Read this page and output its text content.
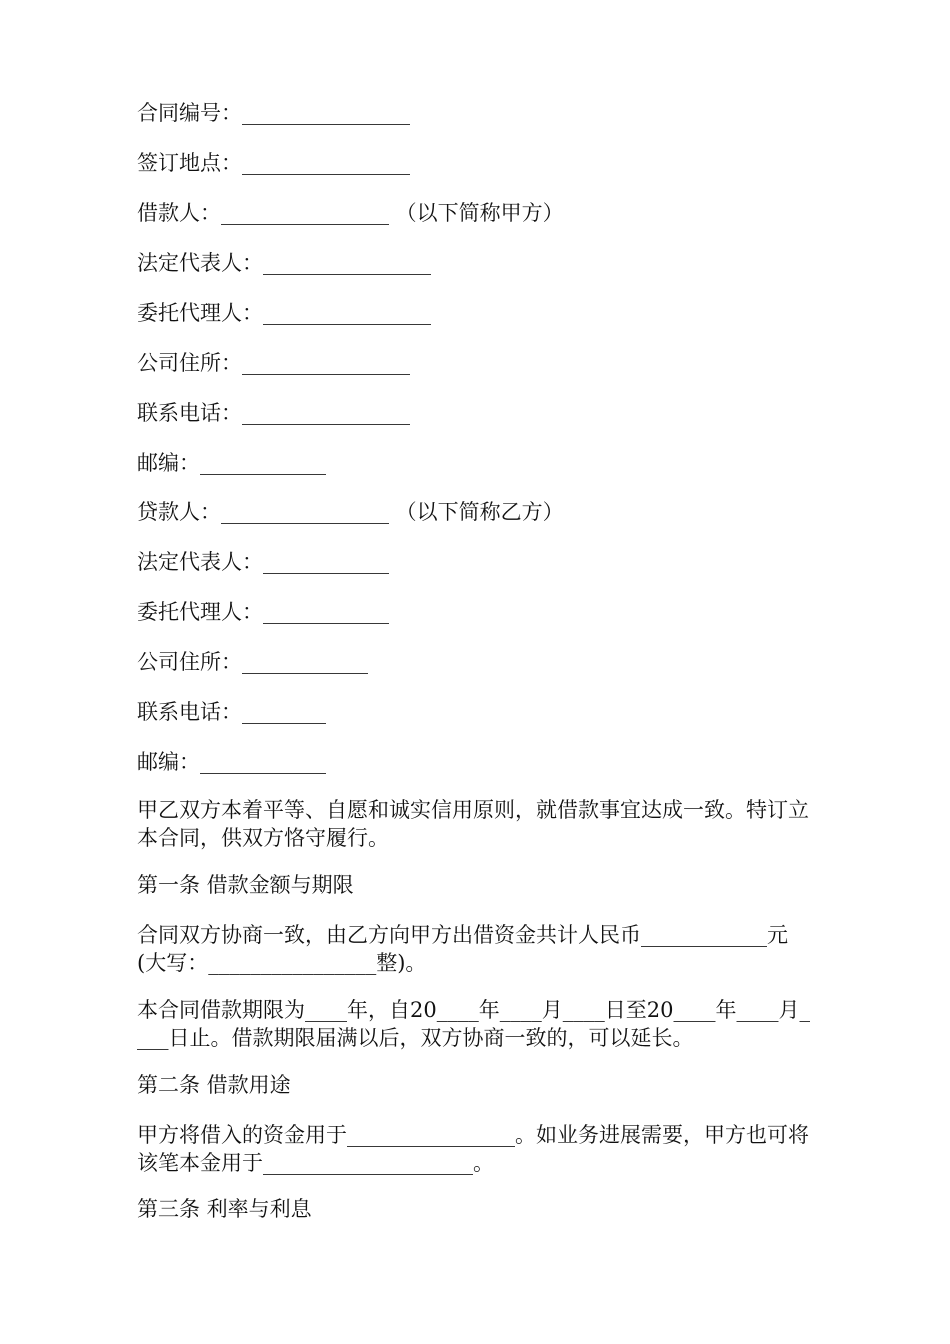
合同编号：________________
签订地点：________________
借款人：________________ （以下简称甲方）
法定代表人：________________
委托代理人：________________
公司住所：________________
联系电话：________________
邮编：____________
贷款人：________________ （以下简称乙方）
法定代表人：____________
委托代理人：____________
公司住所：____________
联系电话：________
邮编：____________
甲乙双方本着平等、自愿和诚实信用原则，就借款事宜达成一致。特订立本合同，供双方恪守履行。
第一条 借款金额与期限
合同双方协商一致，由乙方向甲方出借资金共计人民币____________元(大写：________________整)。
本合同借款期限为____年，自20____年____月____日至20____年____月____日止。借款期限届满以后，双方协商一致的，可以延长。
第二条 借款用途
甲方将借入的资金用于________________。如业务进展需要，甲方也可将该笔本金用于____________________。
第三条 利率与利息
